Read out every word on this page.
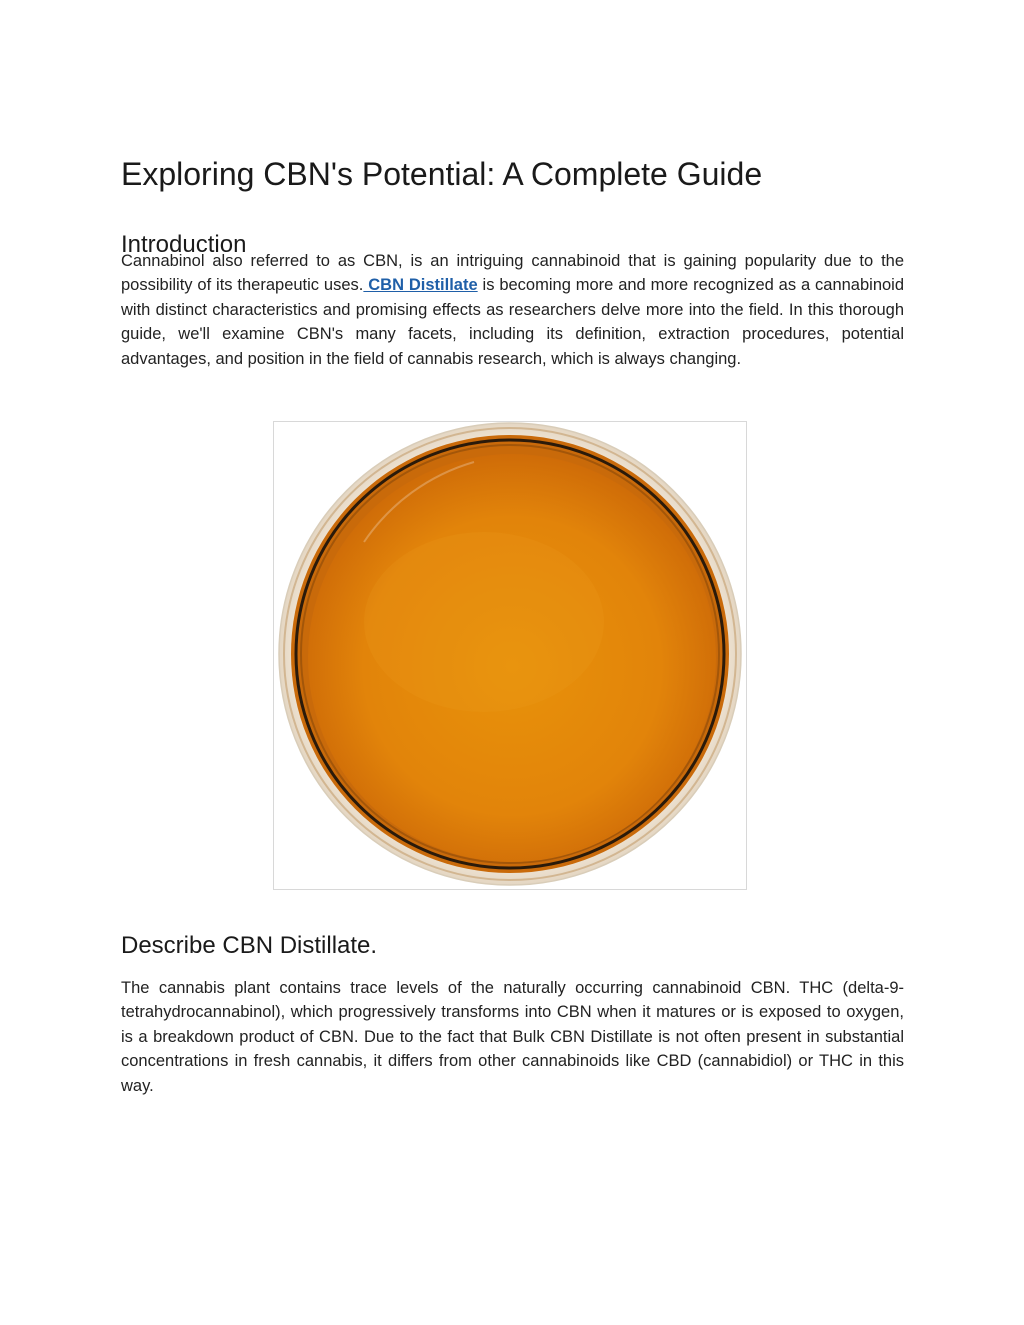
Exploring CBN's Potential: A Complete Guide
Introduction

Cannabinol also referred to as CBN, is an intriguing cannabinoid that is gaining popularity due to the possibility of its therapeutic uses. CBN Distillate is becoming more and more recognized as a cannabinoid with distinct characteristics and promising effects as researchers delve more into the field. In this thorough guide, we'll examine CBN's many facets, including its definition, extraction procedures, potential advantages, and position in the field of cannabis research, which is always changing.

Describe CBN Distillate.

The cannabis plant contains trace levels of the naturally occurring cannabinoid CBN. THC (delta-9-tetrahydrocannabinol), which progressively transforms into CBN when it matures or is exposed to oxygen, is a breakdown product of CBN. Due to the fact that Bulk CBN Distillate is not often present in substantial concentrations in fresh cannabis, it differs from other cannabinoids like CBD (cannabidiol) or THC in this way.
